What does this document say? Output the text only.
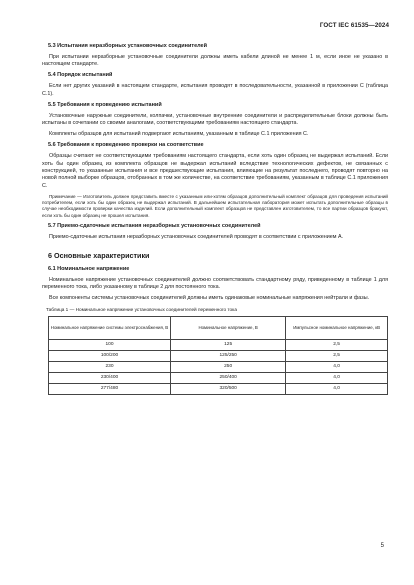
ГОСТ IEC 61535—2024
5.3 Испытания неразборных установочных соединителей
При испытании неразборные установочные соединители должны иметь кабели длиной не менее 1 м, если иное не указано в настоящем стандарте.
5.4 Порядок испытаний
Если нет других указаний в настоящем стандарте, испытания проводят в последовательности, указанной в приложении С (таблица С.1).
5.5 Требования к проведению испытаний
Установочные наружные соединители, колпачки, установочные внутренние соединители и распределительные блоки должны быть испытаны в сочетании со своими аналогами, соответствующими требованиям настоящего стандарта.
Комплекты образцов для испытаний подвергают испытаниям, указанным в таблице С.1 приложения С.
5.6 Требования к проведению проверки на соответствие
Образцы считают не соответствующими требованиям настоящего стандарта, если хоть один образец не выдержал испытаний. Если хоть бы один образец из комплекта образцов не выдержал испытаний вследствие технологических дефектов, не связанных с конструкцией, то указанные испытания и все предшествующие испытания, влияющие на результат последнего, проводят повторно на новой полной выборке образцов, отобранных в том же количестве, на соответствие требованиям, указанным в таблице С.1 приложения С.
Примечание — Изготовитель должен представить вместе с указанным или-хотям образцов дополнительный комплект образцов для проведения испытаний потребителем, если хоть бы один образец не выдержал испытаний. В дальнейшем испытательная лаборатория может испытать дополнительные образцы в случае необходимости проверки качества изделий. Если дополнительный комплект образцов не представлен изготовителем, то все партии образцов бракуют, если хоть бы один образец не прошел испытания.
5.7 Приемо-сдаточные испытания неразборных установочных соединителей
Приемо-сдаточные испытания неразборных установочных соединителей проводят в соответствии с приложением А.
6 Основные характеристики
6.1 Номинальное напряжение
Номинальное напряжение установочных соединителей должно соответствовать стандартному ряду, приведенному в таблице 1 для переменного тока, либо указанному в таблице 2 для постоянного тока.
Все компоненты системы установочных соединителей должны иметь одинаковые номинальные напряжения нейтрали и фазы.
Таблица 1 — Номинальное напряжение установочных соединителей переменного тока
Номинальное напряжение системы электроснабжения, В	Номинальное напряжение, В	Импульсное номинальное напряжение, кВ
100	125	2,5
100/200	125/250	2,5
230	250	4,0
230/400	250/400	4,0
277/480	320/500	4,0
5
